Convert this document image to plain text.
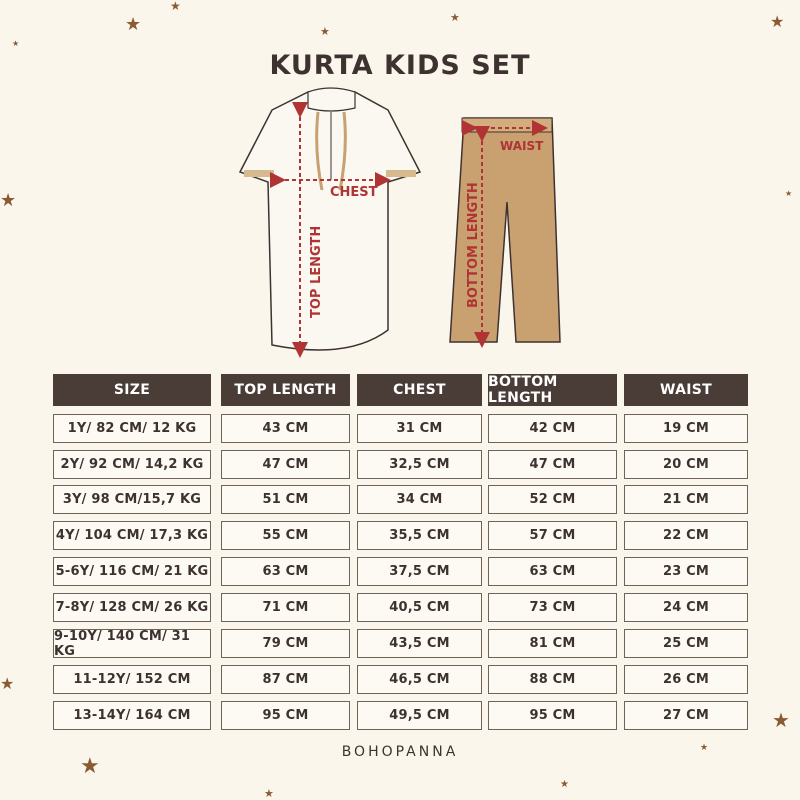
★
★
★
★	★
★
★	★
★
★
★
★
★
★
KURTA KIDS SET
CHEST
WAIST
TOP LENGTH	BOTTOM LENGTH
SIZE	TOP LENGTH	CHEST	BOTTOM LENGTH	WAIST
1Y/ 82 CM/ 12 KG	43 CM	31 CM	42 CM	19 CM
2Y/ 92 CM/ 14,2 KG	47 CM	32,5 CM	47 CM	20 CM
3Y/ 98 CM/15,7 KG	51 CM	34 CM	52 CM	21 CM
4Y/ 104 CM/ 17,3 KG	55 CM	35,5 CM	57 CM	22 CM
5-6Y/ 116 CM/ 21 KG	63 CM	37,5 CM	63 CM	23 CM
7-8Y/ 128 CM/ 26 KG	71 CM	40,5 CM	73 CM	24 CM
9-10Y/ 140 CM/ 31 KG	79 CM	43,5 CM	81 CM	25 CM
11-12Y/ 152 CM	87 CM	46,5 CM	88 CM	26 CM
13-14Y/ 164 CM	95 CM	49,5 CM	95 CM	27 CM
BOHOPANNA
